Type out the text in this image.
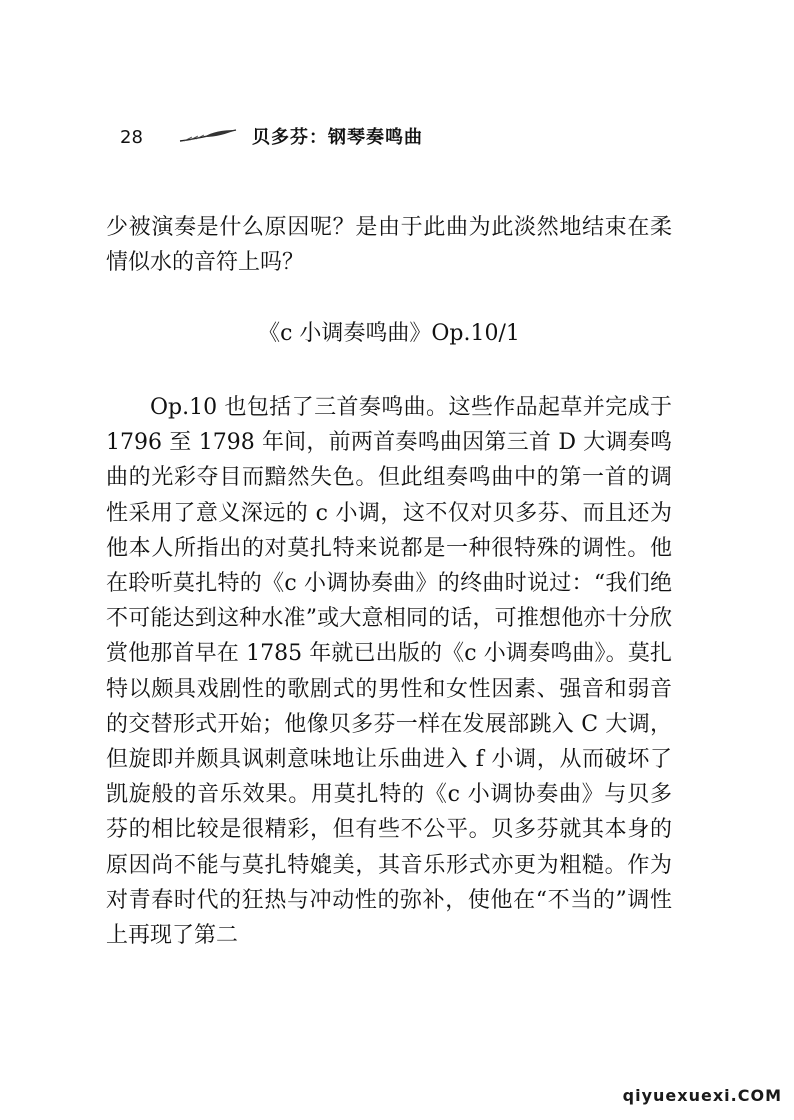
28	贝多芬：钢琴奏鸣曲

少被演奏是什么原因呢？是由于此曲为此淡然地结束在柔情似水的音符上吗？

《c 小调奏鸣曲》Op.10/1

Op.10 也包括了三首奏鸣曲。这些作品起草并完成于 1796 至 1798 年间，前两首奏鸣曲因第三首 D 大调奏鸣曲的光彩夺目而黯然失色。但此组奏鸣曲中的第一首的调性采用了意义深远的 c 小调，这不仅对贝多芬、而且还为他本人所指出的对莫扎特来说都是一种很特殊的调性。他在聆听莫扎特的《c 小调协奏曲》的终曲时说过：“我们绝不可能达到这种水准”或大意相同的话，可推想他亦十分欣赏他那首早在 1785 年就已出版的《c 小调奏鸣曲》。莫扎特以颇具戏剧性的歌剧式的男性和女性因素、强音和弱音的交替形式开始；他像贝多芬一样在发展部跳入 C 大调，但旋即并颇具讽刺意味地让乐曲进入 f 小调，从而破坏了凯旋般的音乐效果。用莫扎特的《c 小调协奏曲》与贝多芬的相比较是很精彩，但有些不公平。贝多芬就其本身的原因尚不能与莫扎特媲美，其音乐形式亦更为粗糙。作为对青春时代的狂热与冲动性的弥补，使他在“不当的”调性上再现了第二

qiyuexuexi.COM
